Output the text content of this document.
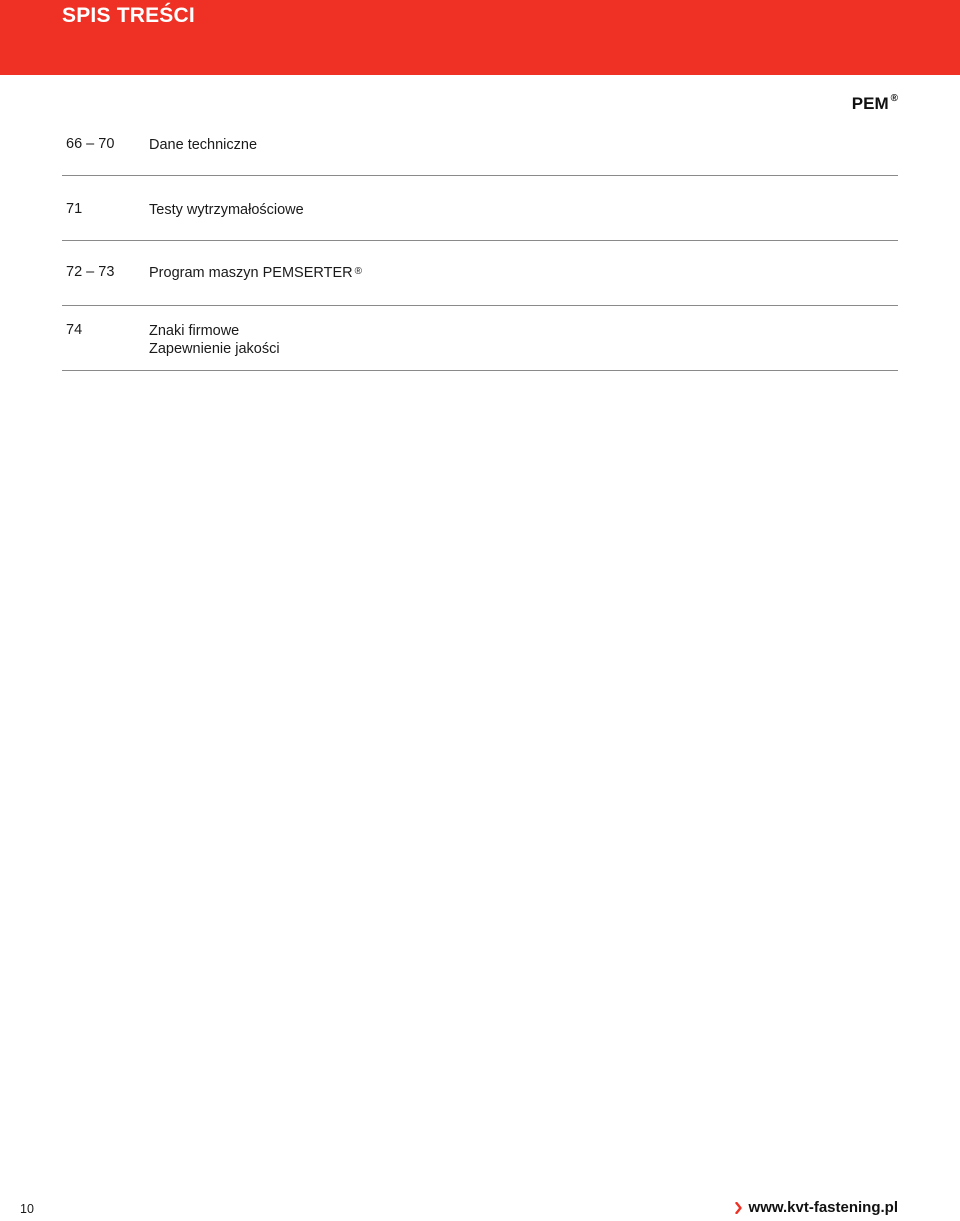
SPIS TREŚCI
PEM ®
66 – 70 Dane techniczne
71	Testy wytrzymałościowe
72 – 73 Program maszyn PEMSERTER ®
74	Znaki firmowe
Zapewnienie jakości
10	www.kvt-fastening.pl
